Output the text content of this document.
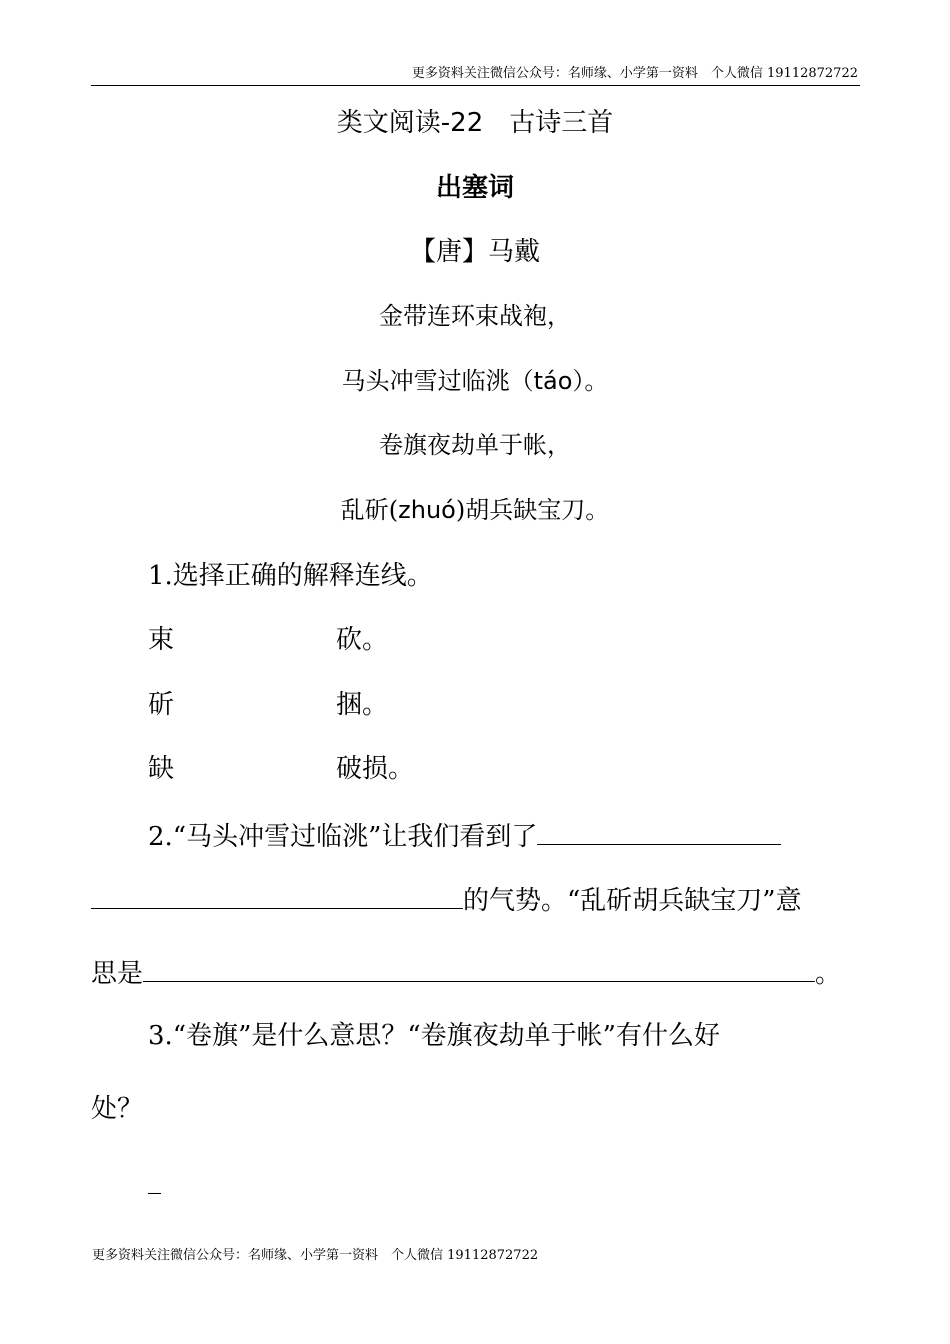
更多资料关注微信公众号：名师缘、小学第一资料　个人微信 19112872722
类文阅读-22　古诗三首
出塞词
【唐】马戴
金带连环束战袍，
马头冲雪过临洮（táo）。
卷旗夜劫单于帐，
乱斫(zhuó)胡兵缺宝刀。
1.选择正确的解释连线。
束	砍。
斫	捆。
缺	破损。
2.“马头冲雪过临洮”让我们看到了
的气势。“乱斫胡兵缺宝刀”意
思是	。
3.“卷旗”是什么意思？“卷旗夜劫单于帐”有什么好
处？
_
更多资料关注微信公众号：名师缘、小学第一资料　个人微信 19112872722
